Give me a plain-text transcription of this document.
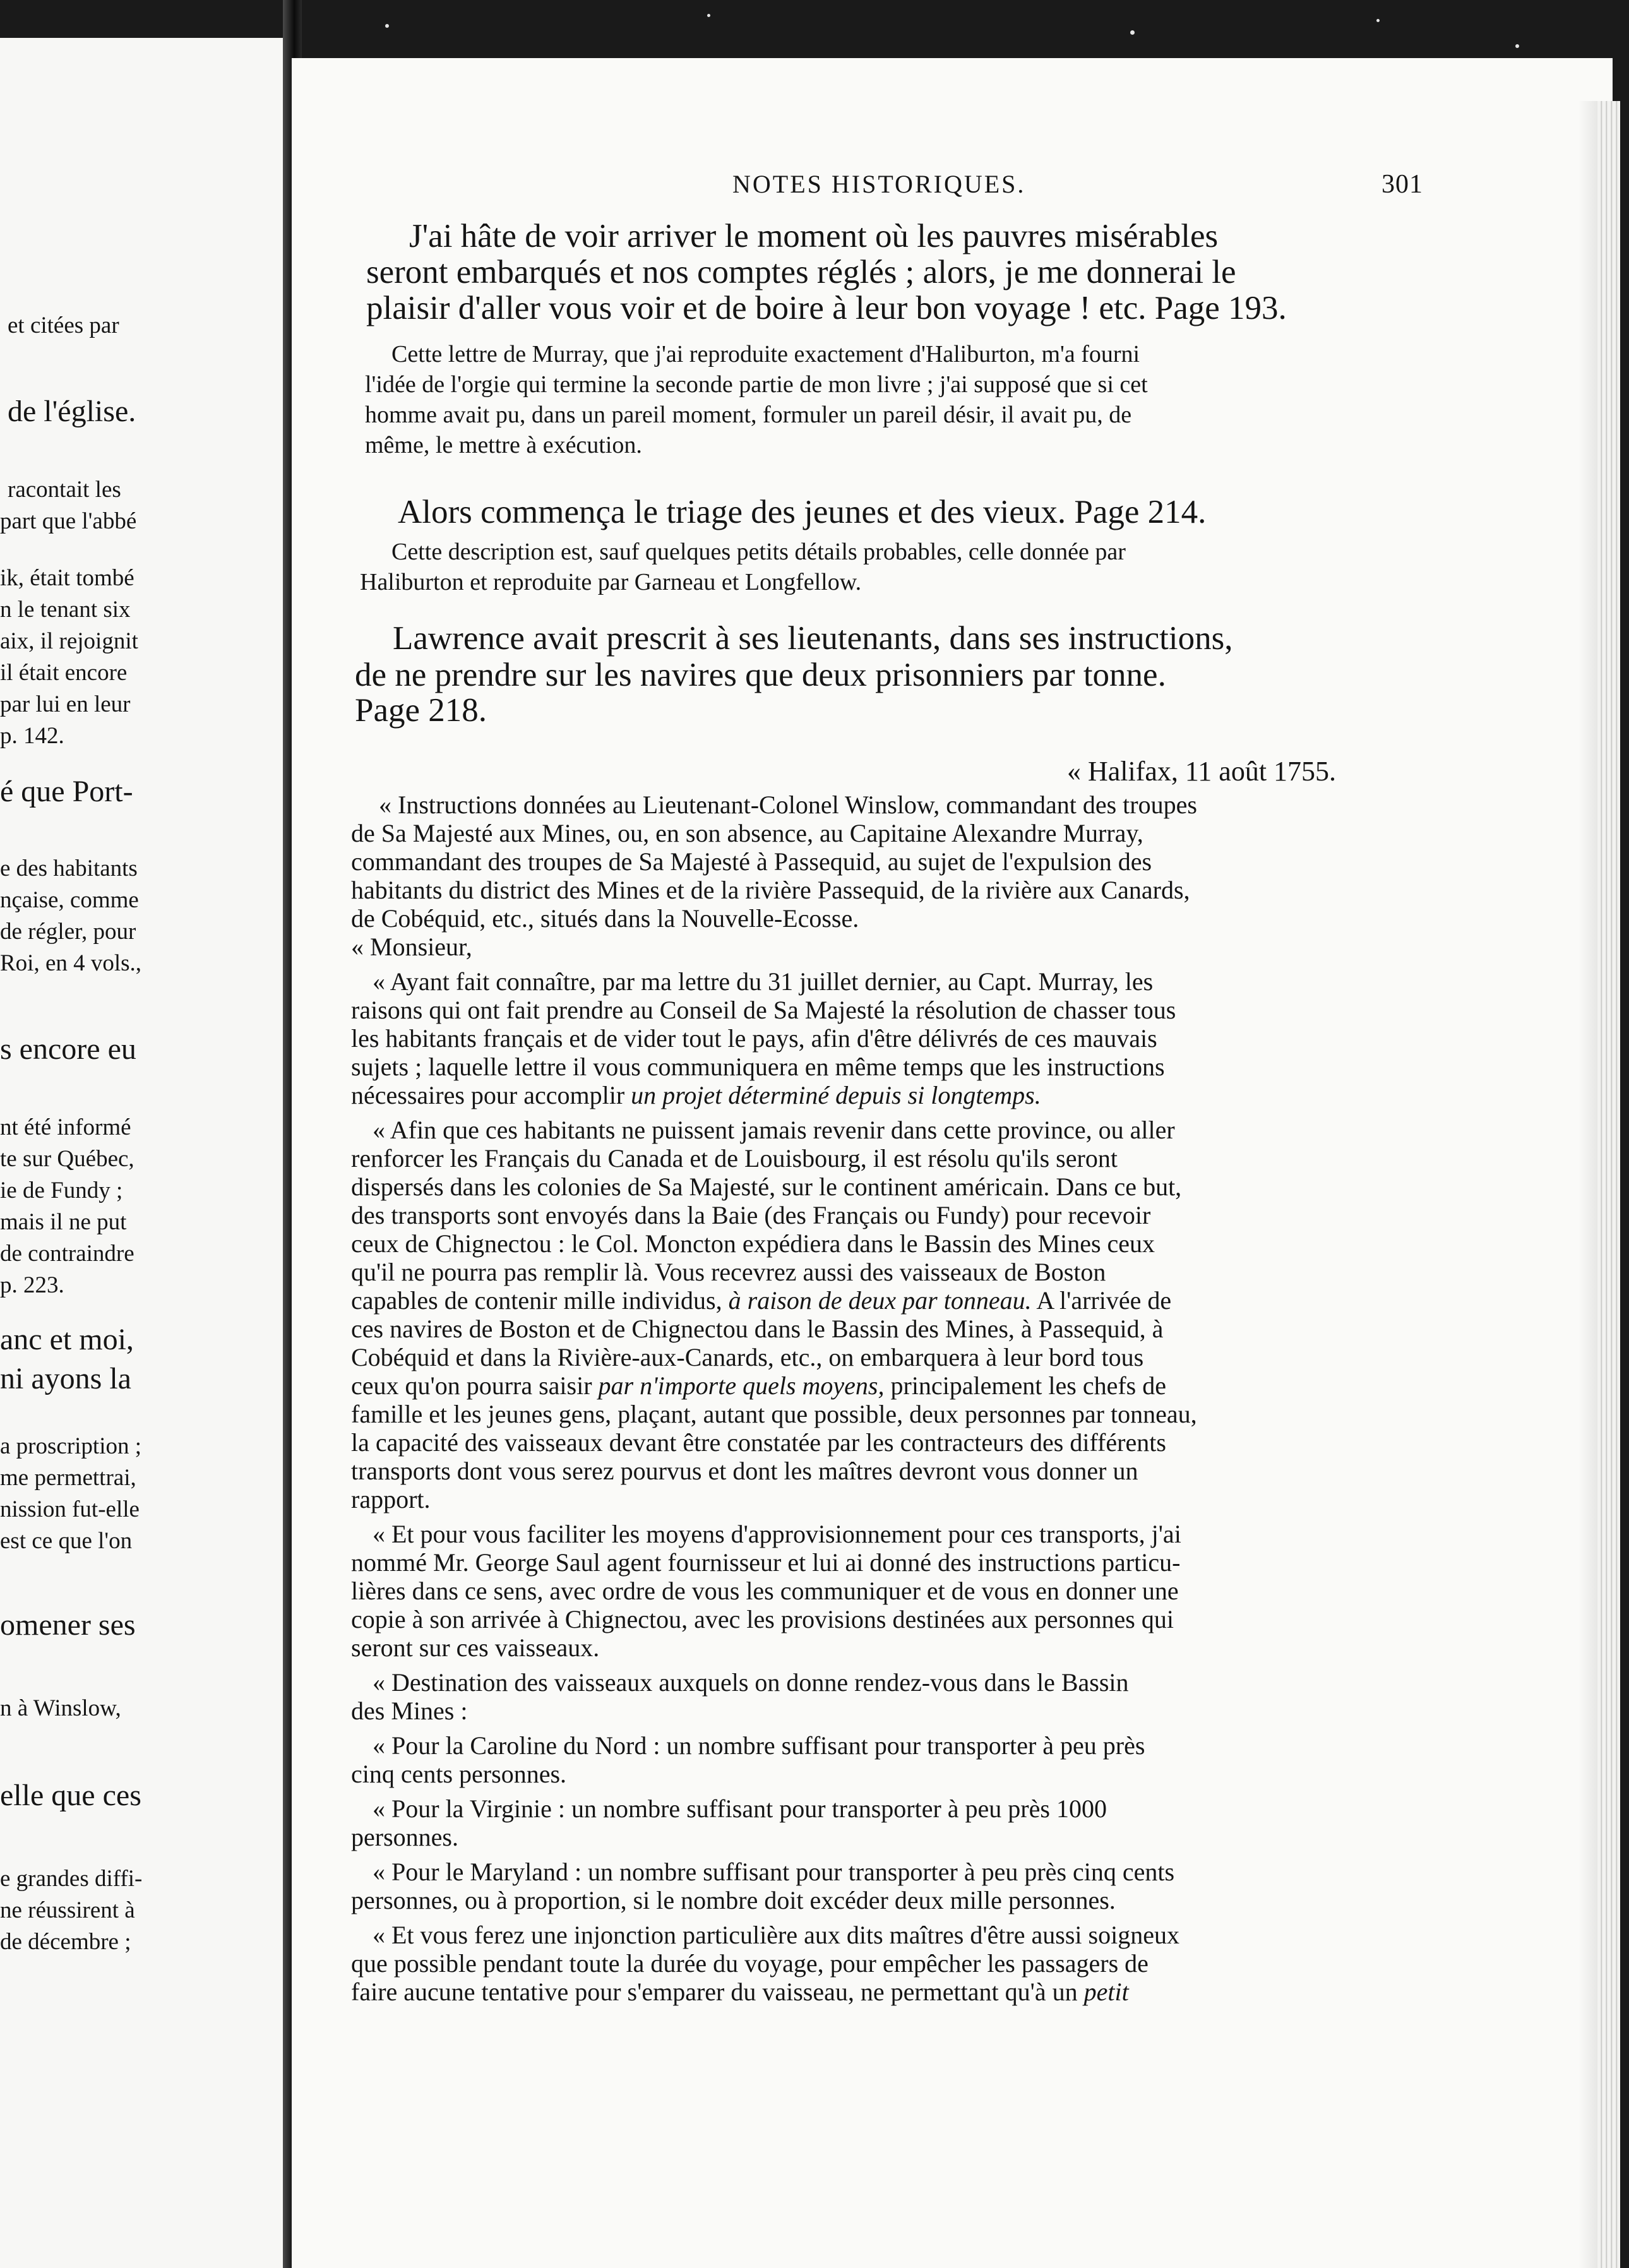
et citées par
de l'église.
racontait les
part que l'abbé
ik, était tombé
n le tenant six
aix, il rejoignit
il était encore
par lui en leur
p. 142.
é que Port-
e des habitants
nçaise, comme
de régler, pour
Roi, en 4 vols.,
s encore eu
nt été informé
te sur Québec,
ie de Fundy ;
mais il ne put
de contraindre
p. 223.
anc et moi,
ni ayons la
a proscription ;
me permettrai,
nission fut-elle
est ce que l'on
omener ses
n à Winslow,
elle que ces
e grandes diffi-
ne réussirent à
de décembre ;
NOTES HISTORIQUES.	301
J'ai hâte de voir arriver le moment où les pauvres misérables
seront embarqués et nos comptes réglés ; alors, je me donnerai le
plaisir d'aller vous voir et de boire à leur bon voyage ! etc. Page 193.
Cette lettre de Murray, que j'ai reproduite exactement d'Haliburton, m'a fourni
l'idée de l'orgie qui termine la seconde partie de mon livre ; j'ai supposé que si cet
homme avait pu, dans un pareil moment, formuler un pareil désir, il avait pu, de
même, le mettre à exécution.
Alors commença le triage des jeunes et des vieux. Page 214.
Cette description est, sauf quelques petits détails probables, celle donnée par
Haliburton et reproduite par Garneau et Longfellow.
Lawrence avait prescrit à ses lieutenants, dans ses instructions,
de ne prendre sur les navires que deux prisonniers par tonne.
Page 218.
« Halifax, 11 août 1755.
« Instructions données au Lieutenant-Colonel Winslow, commandant des troupes
de Sa Majesté aux Mines, ou, en son absence, au Capitaine Alexandre Murray,
commandant des troupes de Sa Majesté à Passequid, au sujet de l'expulsion des
habitants du district des Mines et de la rivière Passequid, de la rivière aux Canards,
de Cobéquid, etc., situés dans la Nouvelle-Ecosse.
« Monsieur,
« Ayant fait connaître, par ma lettre du 31 juillet dernier, au Capt. Murray, les
raisons qui ont fait prendre au Conseil de Sa Majesté la résolution de chasser tous
les habitants français et de vider tout le pays, afin d'être délivrés de ces mauvais
sujets ; laquelle lettre il vous communiquera en même temps que les instructions
nécessaires pour accomplir un projet déterminé depuis si longtemps.
« Afin que ces habitants ne puissent jamais revenir dans cette province, ou aller
renforcer les Français du Canada et de Louisbourg, il est résolu qu'ils seront
dispersés dans les colonies de Sa Majesté, sur le continent américain. Dans ce but,
des transports sont envoyés dans la Baie (des Français ou Fundy) pour recevoir
ceux de Chignectou : le Col. Moncton expédiera dans le Bassin des Mines ceux
qu'il ne pourra pas remplir là. Vous recevrez aussi des vaisseaux de Boston
capables de contenir mille individus, à raison de deux par tonneau. A l'arrivée de
ces navires de Boston et de Chignectou dans le Bassin des Mines, à Passequid, à
Cobéquid et dans la Rivière-aux-Canards, etc., on embarquera à leur bord tous
ceux qu'on pourra saisir par n'importe quels moyens, principalement les chefs de
famille et les jeunes gens, plaçant, autant que possible, deux personnes par tonneau,
la capacité des vaisseaux devant être constatée par les contracteurs des différents
transports dont vous serez pourvus et dont les maîtres devront vous donner un
rapport.
« Et pour vous faciliter les moyens d'approvisionnement pour ces transports, j'ai
nommé Mr. George Saul agent fournisseur et lui ai donné des instructions particu-
lières dans ce sens, avec ordre de vous les communiquer et de vous en donner une
copie à son arrivée à Chignectou, avec les provisions destinées aux personnes qui
seront sur ces vaisseaux.
« Destination des vaisseaux auxquels on donne rendez-vous dans le Bassin
des Mines :
« Pour la Caroline du Nord : un nombre suffisant pour transporter à peu près
cinq cents personnes.
« Pour la Virginie : un nombre suffisant pour transporter à peu près 1000
personnes.
« Pour le Maryland : un nombre suffisant pour transporter à peu près cinq cents
personnes, ou à proportion, si le nombre doit excéder deux mille personnes.
« Et vous ferez une injonction particulière aux dits maîtres d'être aussi soigneux
que possible pendant toute la durée du voyage, pour empêcher les passagers de
faire aucune tentative pour s'emparer du vaisseau, ne permettant qu'à un petit
